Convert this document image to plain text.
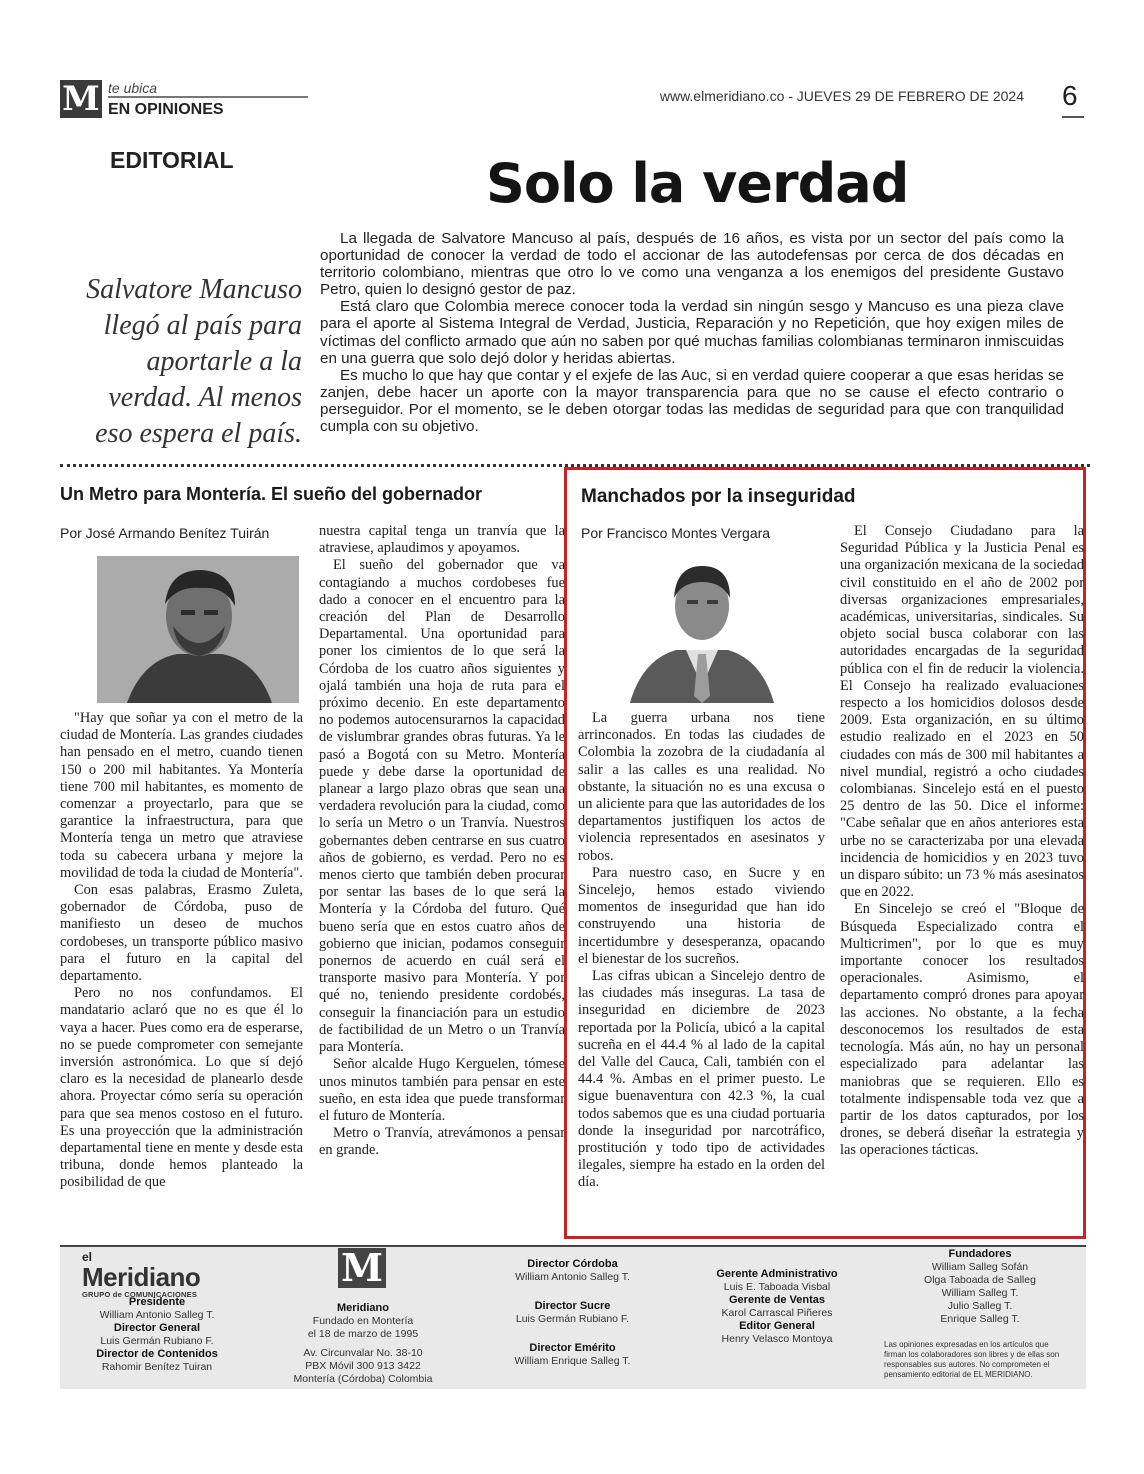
M te ubica
EN OPINIONES
www.elmeridiano.co - JUEVES 29 DE FEBRERO DE 2024 6
EDITORIAL	Solo la verdad
Salvatore Mancuso llegó al país para aportarle a la verdad. Al menos eso espera el país.

La llegada de Salvatore Mancuso al país, después de 16 años, es vista por un sector del país como la oportunidad de conocer la verdad de todo el accionar de las autodefensas por cerca de dos décadas en territorio colombiano, mientras que otro lo ve como una venganza a los enemigos del presidente Gustavo Petro, quien lo designó gestor de paz.

Está claro que Colombia merece conocer toda la verdad sin ningún sesgo y Mancuso es una pieza clave para el aporte al Sistema Integral de Verdad, Justicia, Reparación y no Repetición, que hoy exigen miles de víctimas del conflicto armado que aún no saben por qué muchas familias colombianas terminaron inmiscuidas en una guerra que solo dejó dolor y heridas abiertas.

Es mucho lo que hay que contar y el exjefe de las Auc, si en verdad quiere cooperar a que esas heridas se zanjen, debe hacer un aporte con la mayor transparencia para que no se cause el efecto contrario o perseguidor. Por el momento, se le deben otorgar todas las medidas de seguridad para que con tranquilidad cumpla con su objetivo.

Un Metro para Montería. El sueño del gobernador
Por José Armando Benítez Tuirán

"Hay que soñar ya con el metro de la ciudad de Montería. Las grandes ciudades han pensado en el metro, cuando tienen 150 o 200 mil habitantes. Ya Montería tiene 700 mil habitantes, es momento de comenzar a proyectarlo, para que se garantice la infraestructura, para que Montería tenga un metro que atraviese toda su cabecera urbana y mejore la movilidad de toda la ciudad de Montería".

Con esas palabras, Erasmo Zuleta, gobernador de Córdoba, puso de manifiesto un deseo de muchos cordobeses, un transporte público masivo para el futuro en la capital del departamento.

Pero no nos confundamos. El mandatario aclaró que no es que él lo vaya a hacer. Pues como era de esperarse, no se puede comprometer con semejante inversión astronómica. Lo que sí dejó claro es la necesidad de planearlo desde ahora. Proyectar cómo sería su operación para que sea menos costoso en el futuro. Es una proyección que la administración departamental tiene en mente y desde esta tribuna, donde hemos planteado la posibilidad de que

nuestra capital tenga un tranvía que la atraviese, aplaudimos y apoyamos.

El sueño del gobernador que va contagiando a muchos cordobeses fue dado a conocer en el encuentro para la creación del Plan de Desarrollo Departamental. Una oportunidad para poner los cimientos de lo que será la Córdoba de los cuatro años siguientes y ojalá también una hoja de ruta para el próximo decenio. En este departamento no podemos autocensurarnos la capacidad de vislumbrar grandes obras futuras. Ya le pasó a Bogotá con su Metro. Montería puede y debe darse la oportunidad de planear a largo plazo obras que sean una verdadera revolución para la ciudad, como lo sería un Metro o un Tranvía. Nuestros gobernantes deben centrarse en sus cuatro años de gobierno, es verdad. Pero no es menos cierto que también deben procurar por sentar las bases de lo que será la Montería y la Córdoba del futuro. Qué bueno sería que en estos cuatro años de gobierno que inician, podamos conseguir ponernos de acuerdo en cuál será el transporte masivo para Montería. Y por qué no, teniendo presidente cordobés, conseguir la financiación para un estudio de factibilidad de un Metro o un Tranvía para Montería.

Señor alcalde Hugo Kerguelen, tómese unos minutos también para pensar en este sueño, en esta idea que puede transformar el futuro de Montería.

Metro o Tranvía, atrevámonos a pensar en grande.

Manchados por la inseguridad
Por Francisco Montes Vergara

La guerra urbana nos tiene arrinconados. En todas las ciudades de Colombia la zozobra de la ciudadanía al salir a las calles es una realidad. No obstante, la situación no es una excusa o un aliciente para que las autoridades de los departamentos justifiquen los actos de violencia representados en asesinatos y robos.

Para nuestro caso, en Sucre y en Sincelejo, hemos estado viviendo momentos de inseguridad que han ido construyendo una historia de incertidumbre y desesperanza, opacando el bienestar de los sucreños.

Las cifras ubican a Sincelejo dentro de las ciudades más inseguras. La tasa de inseguridad en diciembre de 2023 reportada por la Policía, ubicó a la capital sucreña en el 44.4 % al lado de la capital del Valle del Cauca, Cali, también con el 44.4 %. Ambas en el primer puesto. Le sigue buenaventura con 42.3 %, la cual todos sabemos que es una ciudad portuaria donde la inseguridad por narcotráfico, prostitución y todo tipo de actividades ilegales, siempre ha estado en la orden del día.

El Consejo Ciudadano para la Seguridad Pública y la Justicia Penal es una organización mexicana de la sociedad civil constituido en el año de 2002 por diversas organizaciones empresariales, académicas, universitarias, sindicales. Su objeto social busca colaborar con las autoridades encargadas de la seguridad pública con el fin de reducir la violencia. El Consejo ha realizado evaluaciones respecto a los homicidios dolosos desde 2009. Esta organización, en su último estudio realizado en el 2023 en 50 ciudades con más de 300 mil habitantes a nivel mundial, registró a ocho ciudades colombianas. Sincelejo está en el puesto 25 dentro de las 50. Dice el informe: "Cabe señalar que en años anteriores esta urbe no se caracterizaba por una elevada incidencia de homicidios y en 2023 tuvo un disparo súbito: un 73 % más asesinatos que en 2022.

En Sincelejo se creó el "Bloque de Búsqueda Especializado contra el Multicrimen", por lo que es muy importante conocer los resultados operacionales. Asimismo, el departamento compró drones para apoyar las acciones. No obstante, a la fecha desconocemos los resultados de esta tecnología. Más aún, no hay un personal especializado para adelantar las maniobras que se requieren. Ello es totalmente indispensable toda vez que a partir de los datos capturados, por los drones, se deberá diseñar la estrategia y las operaciones tácticas.

el
Meridiano
GRUPO de COMUNICACIONES
Presidente
William Antonio Salleg T.
Director General
Luis Germán Rubiano F.
Director de Contenidos
Rahomir Benítez Tuiran
M
Meridiano
Fundado en Montería
el 18 de marzo de 1995
Av. Circunvalar No. 38-10
PBX Móvil 300 913 3422
Montería (Córdoba) Colombia
Director Córdoba
William Antonio Salleg T.
Director Sucre
Luis Germán Rubiano F.
Director Emérito
William Enrique Salleg T.
Gerente Administrativo
Luis E. Taboada Visbal
Gerente de Ventas
Karol Carrascal Piñeres
Editor General
Henry Velasco Montoya
Fundadores
William Salleg Sofán
Olga Taboada de Salleg
William Salleg T.
Julio Salleg T.
Enrique Salleg T.
Las opiniones expresadas en los artículos que firman los colaboradores son libres y de ellas son responsables sus autores. No comprometen el pensamiento editorial de EL MERIDIANO.
